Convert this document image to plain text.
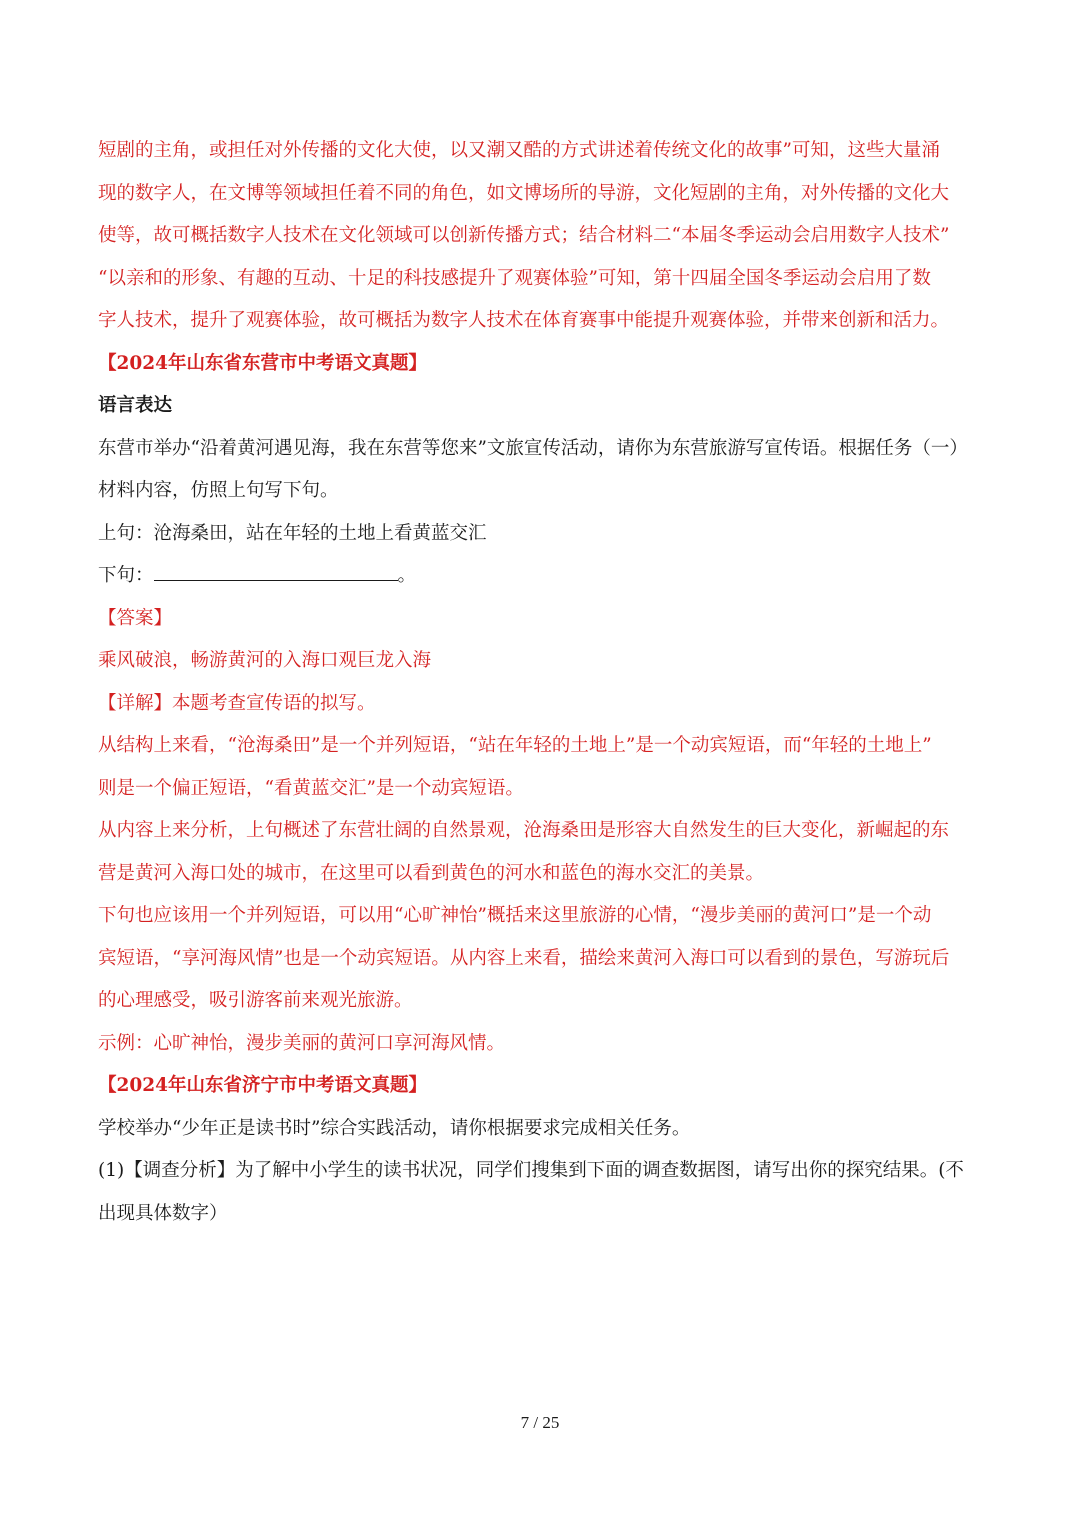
短剧的主角，或担任对外传播的文化大使，以又潮又酷的方式讲述着传统文化的故事”可知，这些大量涌
现的数字人，在文博等领域担任着不同的角色，如文博场所的导游，文化短剧的主角，对外传播的文化大
使等，故可概括数字人技术在文化领域可以创新传播方式；结合材料二“本届冬季运动会启用数字人技术”
“以亲和的形象、有趣的互动、十足的科技感提升了观赛体验”可知，第十四届全国冬季运动会启用了数
字人技术，提升了观赛体验，故可概括为数字人技术在体育赛事中能提升观赛体验，并带来创新和活力。
【2024年山东省东营市中考语文真题】
语言表达
东营市举办“沿着黄河遇见海，我在东营等您来”文旅宣传活动，请你为东营旅游写宣传语。根据任务（一）
材料内容，仿照上句写下句。
上句：沧海桑田，站在年轻的土地上看黄蓝交汇
下句：	。
【答案】
乘风破浪，畅游黄河的入海口观巨龙入海
【详解】本题考查宣传语的拟写。
从结构上来看，“沧海桑田”是一个并列短语，“站在年轻的土地上”是一个动宾短语，而“年轻的土地上”
则是一个偏正短语，“看黄蓝交汇”是一个动宾短语。
从内容上来分析，上句概述了东营壮阔的自然景观，沧海桑田是形容大自然发生的巨大变化，新崛起的东
营是黄河入海口处的城市，在这里可以看到黄色的河水和蓝色的海水交汇的美景。
下句也应该用一个并列短语，可以用“心旷神怡”概括来这里旅游的心情，“漫步美丽的黄河口”是一个动
宾短语，“享河海风情”也是一个动宾短语。从内容上来看，描绘来黄河入海口可以看到的景色，写游玩后
的心理感受，吸引游客前来观光旅游。
示例：心旷神怡，漫步美丽的黄河口享河海风情。
【2024年山东省济宁市中考语文真题】
学校举办“少年正是读书时”综合实践活动，请你根据要求完成相关任务。
(1)【调查分析】为了解中小学生的读书状况，同学们搜集到下面的调查数据图，请写出你的探究结果。(不
出现具体数字）
7 / 25
